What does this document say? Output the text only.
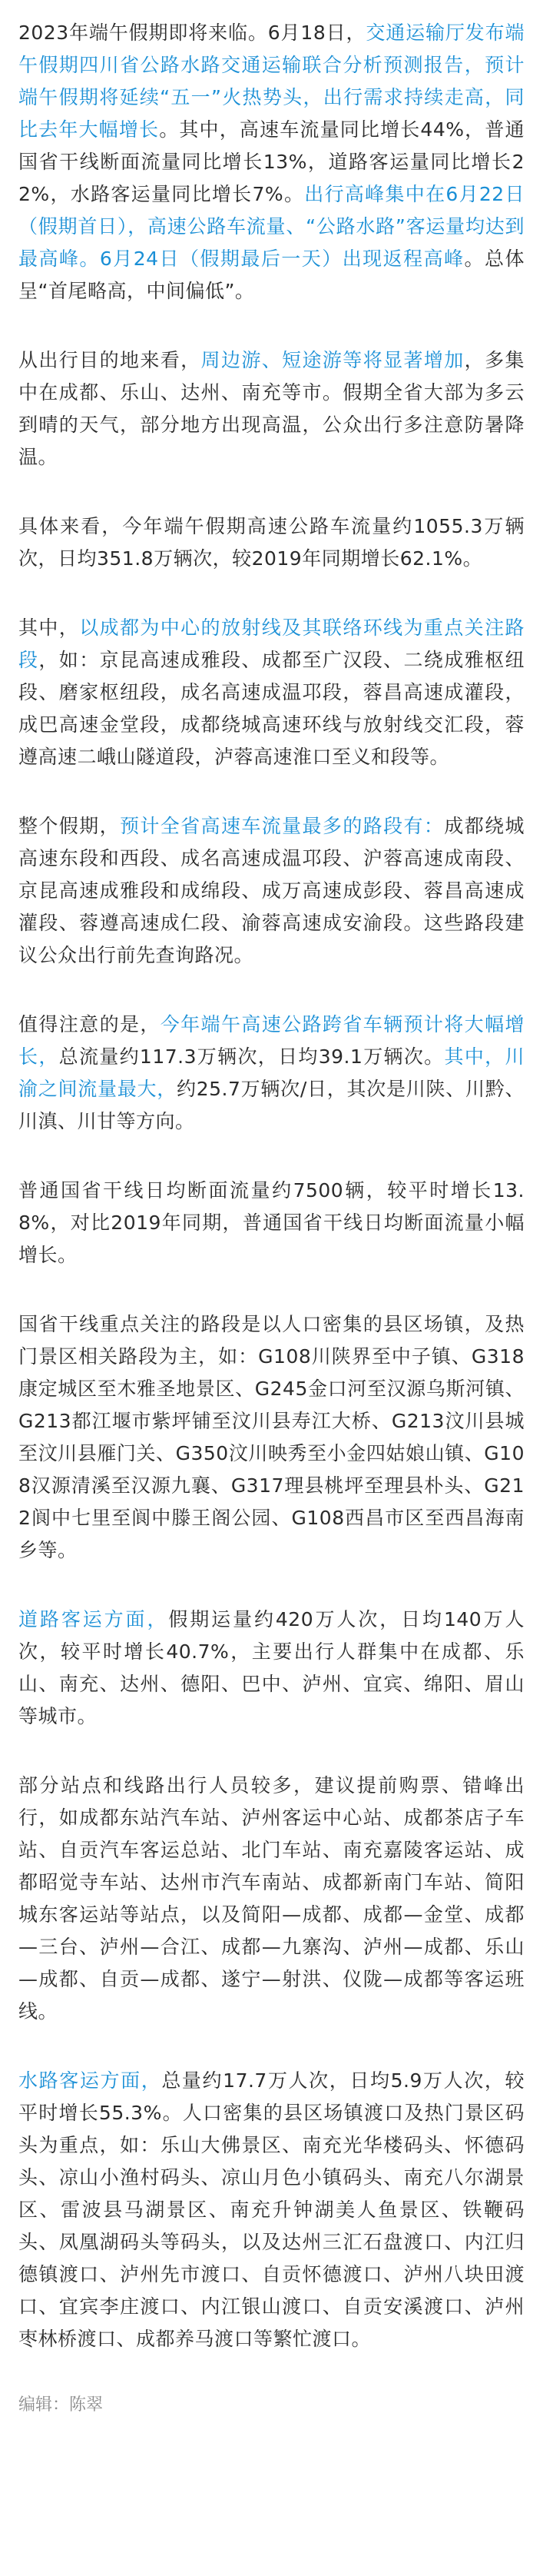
2023年端午假期即将来临。6月18日，交通运输厅发布端午假期四川省公路水路交通运输联合分析预测报告，预计端午假期将延续“五一”火热势头，出行需求持续走高，同比去年大幅增长。其中，高速车流量同比增长44%，普通国省干线断面流量同比增长13%，道路客运量同比增长22%，水路客运量同比增长7%。出行高峰集中在6月22日（假期首日），高速公路车流量、“公路水路”客运量均达到最高峰。6月24日（假期最后一天）出现返程高峰。总体呈“首尾略高，中间偏低”。

从出行目的地来看，周边游、短途游等将显著增加，多集中在成都、乐山、达州、南充等市。假期全省大部为多云到晴的天气，部分地方出现高温，公众出行多注意防暑降温。

具体来看，今年端午假期高速公路车流量约1055.3万辆次，日均351.8万辆次，较2019年同期增长62.1%。

其中，以成都为中心的放射线及其联络环线为重点关注路段，如：京昆高速成雅段、成都至广汉段、二绕成雅枢纽段、磨家枢纽段，成名高速成温邛段，蓉昌高速成灌段，成巴高速金堂段，成都绕城高速环线与放射线交汇段，蓉遵高速二峨山隧道段，泸蓉高速淮口至义和段等。

整个假期，预计全省高速车流量最多的路段有：成都绕城高速东段和西段、成名高速成温邛段、沪蓉高速成南段、京昆高速成雅段和成绵段、成万高速成彭段、蓉昌高速成灌段、蓉遵高速成仁段、渝蓉高速成安渝段。这些路段建议公众出行前先查询路况。

值得注意的是，今年端午高速公路跨省车辆预计将大幅增长，总流量约117.3万辆次，日均39.1万辆次。其中，川渝之间流量最大，约25.7万辆次/日，其次是川陕、川黔、川滇、川甘等方向。

普通国省干线日均断面流量约7500辆，较平时增长13.8%，对比2019年同期，普通国省干线日均断面流量小幅增长。

国省干线重点关注的路段是以人口密集的县区场镇，及热门景区相关路段为主，如：G108川陕界至中子镇、G318康定城区至木雅圣地景区、G245金口河至汉源乌斯河镇、G213都江堰市紫坪铺至汶川县寿江大桥、G213汶川县城至汶川县雁门关、G350汶川映秀至小金四姑娘山镇、G108汉源清溪至汉源九襄、G317理县桃坪至理县朴头、G212阆中七里至阆中滕王阁公园、G108西昌市区至西昌海南乡等。

道路客运方面，假期运量约420万人次，日均140万人次，较平时增长40.7%，主要出行人群集中在成都、乐山、南充、达州、德阳、巴中、泸州、宜宾、绵阳、眉山等城市。

部分站点和线路出行人员较多，建议提前购票、错峰出行，如成都东站汽车站、泸州客运中心站、成都茶店子车站、自贡汽车客运总站、北门车站、南充嘉陵客运站、成都昭觉寺车站、达州市汽车南站、成都新南门车站、简阳城东客运站等站点，以及简阳—成都、成都—金堂、成都—三台、泸州—合江、成都—九寨沟、泸州—成都、乐山—成都、自贡—成都、遂宁—射洪、仪陇—成都等客运班线。

水路客运方面，总量约17.7万人次，日均5.9万人次，较平时增长55.3%。人口密集的县区场镇渡口及热门景区码头为重点，如：乐山大佛景区、南充光华楼码头、怀德码头、凉山小渔村码头、凉山月色小镇码头、南充八尔湖景区、雷波县马湖景区、南充升钟湖美人鱼景区、铁鞭码头、凤凰湖码头等码头，以及达州三汇石盘渡口、内江归德镇渡口、泸州先市渡口、自贡怀德渡口、泸州八块田渡口、宜宾李庄渡口、内江银山渡口、自贡安溪渡口、泸州枣林桥渡口、成都养马渡口等繁忙渡口。

编辑：陈翠
